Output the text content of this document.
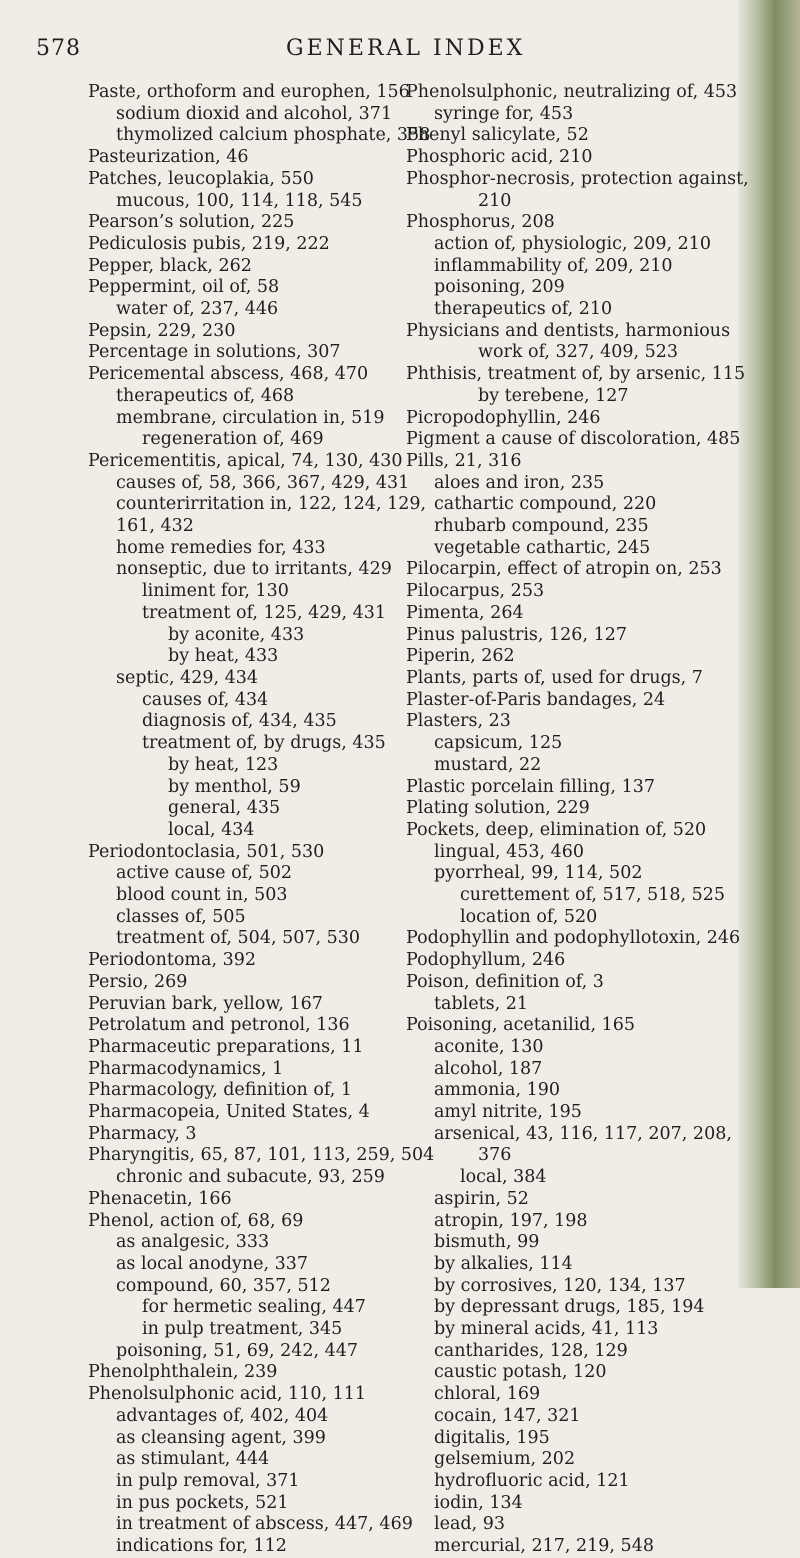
578	GENERAL INDEX
Paste, orthoform and europhen, 156
sodium dioxid and alcohol, 371
thymolized calcium phosphate, 358
Pasteurization, 46
Patches, leucoplakia, 550
mucous, 100, 114, 118, 545
Pearson’s solution, 225
Pediculosis pubis, 219, 222
Pepper, black, 262
Peppermint, oil of, 58
water of, 237, 446
Pepsin, 229, 230
Percentage in solutions, 307
Pericemental abscess, 468, 470
therapeutics of, 468
membrane, circulation in, 519
regeneration of, 469
Pericementitis, apical, 74, 130, 430
causes of, 58, 366, 367, 429, 431
counterirritation in, 122, 124, 129,
161, 432
home remedies for, 433
nonseptic, due to irritants, 429
liniment for, 130
treatment of, 125, 429, 431
by aconite, 433
by heat, 433
septic, 429, 434
causes of, 434
diagnosis of, 434, 435
treatment of, by drugs, 435
by heat, 123
by menthol, 59
general, 435
local, 434
Periodontoclasia, 501, 530
active cause of, 502
blood count in, 503
classes of, 505
treatment of, 504, 507, 530
Periodontoma, 392
Persio, 269
Peruvian bark, yellow, 167
Petrolatum and petronol, 136
Pharmaceutic preparations, 11
Pharmacodynamics, 1
Pharmacology, definition of, 1
Pharmacopeia, United States, 4
Pharmacy, 3
Pharyngitis, 65, 87, 101, 113, 259, 504
chronic and subacute, 93, 259
Phenacetin, 166
Phenol, action of, 68, 69
as analgesic, 333
as local anodyne, 337
compound, 60, 357, 512
for hermetic sealing, 447
in pulp treatment, 345
poisoning, 51, 69, 242, 447
Phenolphthalein, 239
Phenolsulphonic acid, 110, 111
advantages of, 402, 404
as cleansing agent, 399
as stimulant, 444
in pulp removal, 371
in pus pockets, 521
in treatment of abscess, 447, 469
indications for, 112
Phenolsulphonic, neutralizing of, 453
syringe for, 453
Phenyl salicylate, 52
Phosphoric acid, 210
Phosphor-necrosis, protection against,
210
Phosphorus, 208
action of, physiologic, 209, 210
inflammability of, 209, 210
poisoning, 209
therapeutics of, 210
Physicians and dentists, harmonious
work of, 327, 409, 523
Phthisis, treatment of, by arsenic, 115
by terebene, 127
Picropodophyllin, 246
Pigment a cause of discoloration, 485
Pills, 21, 316
aloes and iron, 235
cathartic compound, 220
rhubarb compound, 235
vegetable cathartic, 245
Pilocarpin, effect of atropin on, 253
Pilocarpus, 253
Pimenta, 264
Pinus palustris, 126, 127
Piperin, 262
Plants, parts of, used for drugs, 7
Plaster-of-Paris bandages, 24
Plasters, 23
capsicum, 125
mustard, 22
Plastic porcelain filling, 137
Plating solution, 229
Pockets, deep, elimination of, 520
lingual, 453, 460
pyorrheal, 99, 114, 502
curettement of, 517, 518, 525
location of, 520
Podophyllin and podophyllotoxin, 246
Podophyllum, 246
Poison, definition of, 3
tablets, 21
Poisoning, acetanilid, 165
aconite, 130
alcohol, 187
ammonia, 190
amyl nitrite, 195
arsenical, 43, 116, 117, 207, 208,
376
local, 384
aspirin, 52
atropin, 197, 198
bismuth, 99
by alkalies, 114
by corrosives, 120, 134, 137
by depressant drugs, 185, 194
by mineral acids, 41, 113
cantharides, 128, 129
caustic potash, 120
chloral, 169
cocain, 147, 321
digitalis, 195
gelsemium, 202
hydrofluoric acid, 121
iodin, 134
lead, 93
mercurial, 217, 219, 548
